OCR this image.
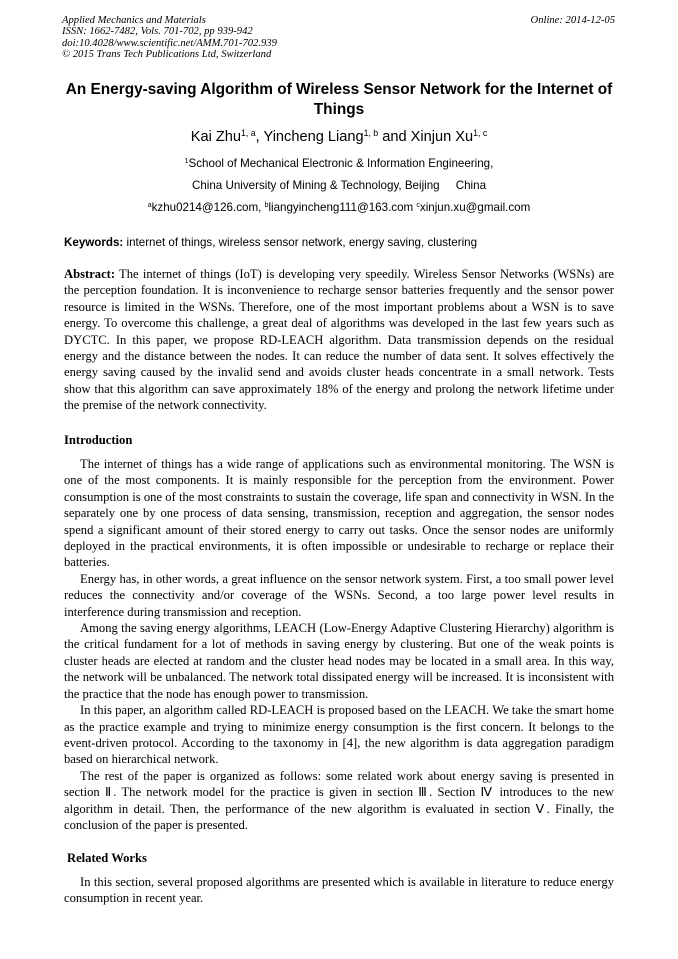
Applied Mechanics and Materials
ISSN: 1662-7482, Vols. 701-702, pp 939-942
doi:10.4028/www.scientific.net/AMM.701-702.939
© 2015 Trans Tech Publications Ltd, Switzerland
Online: 2014-12-05
An Energy-saving Algorithm of Wireless Sensor Network for the Internet of Things
Kai Zhu$^{1, a}$, Yincheng Liang$^{1, b}$ and Xinjun Xu$^{1, c}$
$^1$School of Mechanical Electronic & Information Engineering,
China University of Mining & Technology, Beijing     China
$^a$kzhu0214@126.com, $^b$liangyincheng111@163.com $^c$xinjun.xu@gmail.com
Keywords: internet of things, wireless sensor network, energy saving, clustering
Abstract: The internet of things (IoT) is developing very speedily. Wireless Sensor Networks (WSNs) are the perception foundation. It is inconvenience to recharge sensor batteries frequently and the sensor power resource is limited in the WSNs. Therefore, one of the most important problems about a WSN is to save energy. To overcome this challenge, a great deal of algorithms was developed in the last few years such as DYCTC. In this paper, we propose RD-LEACH algorithm. Data transmission depends on the residual energy and the distance between the nodes. It can reduce the number of data sent. It solves effectively the energy saving caused by the invalid send and avoids cluster heads concentrate in a small network. Tests show that this algorithm can save approximately 18% of the energy and prolong the network lifetime under the premise of the network connectivity.
Introduction

The internet of things has a wide range of applications such as environmental monitoring. The WSN is one of the most components. It is mainly responsible for the perception from the environment. Power consumption is one of the most constraints to sustain the coverage, life span and connectivity in WSN. In the separately one by one process of data sensing, transmission, reception and aggregation, the sensor nodes spend a significant amount of their stored energy to carry out tasks. Once the sensor nodes are uniformly deployed in the practical environments, it is often impossible or undesirable to recharge or replace their batteries.

Energy has, in other words, a great influence on the sensor network system. First, a too small power level reduces the connectivity and/or coverage of the WSNs. Second, a too large power level results in interference during transmission and reception.

Among the saving energy algorithms, LEACH (Low-Energy Adaptive Clustering Hierarchy) algorithm is the critical fundament for a lot of methods in saving energy by clustering. But one of the weak points is cluster heads are elected at random and the cluster head nodes may be located in a small area. In this way, the network will be unbalanced. The network total dissipated energy will be increased. It is inconsistent with the practice that the node has enough power to transmission.

In this paper, an algorithm called RD-LEACH is proposed based on the LEACH. We take the smart home as the practice example and trying to minimize energy consumption is the first concern. It belongs to the event-driven protocol. According to the taxonomy in [4], the new algorithm is data aggregation paradigm based on hierarchical network.

The rest of the paper is organized as follows: some related work about energy saving is presented in section Ⅱ. The network model for the practice is given in section Ⅲ. Section Ⅳ introduces to the new algorithm in detail. Then, the performance of the new algorithm is evaluated in section Ⅴ. Finally, the conclusion of the paper is presented.

Related Works

In this section, several proposed algorithms are presented which is available in literature to reduce energy consumption in recent year.
